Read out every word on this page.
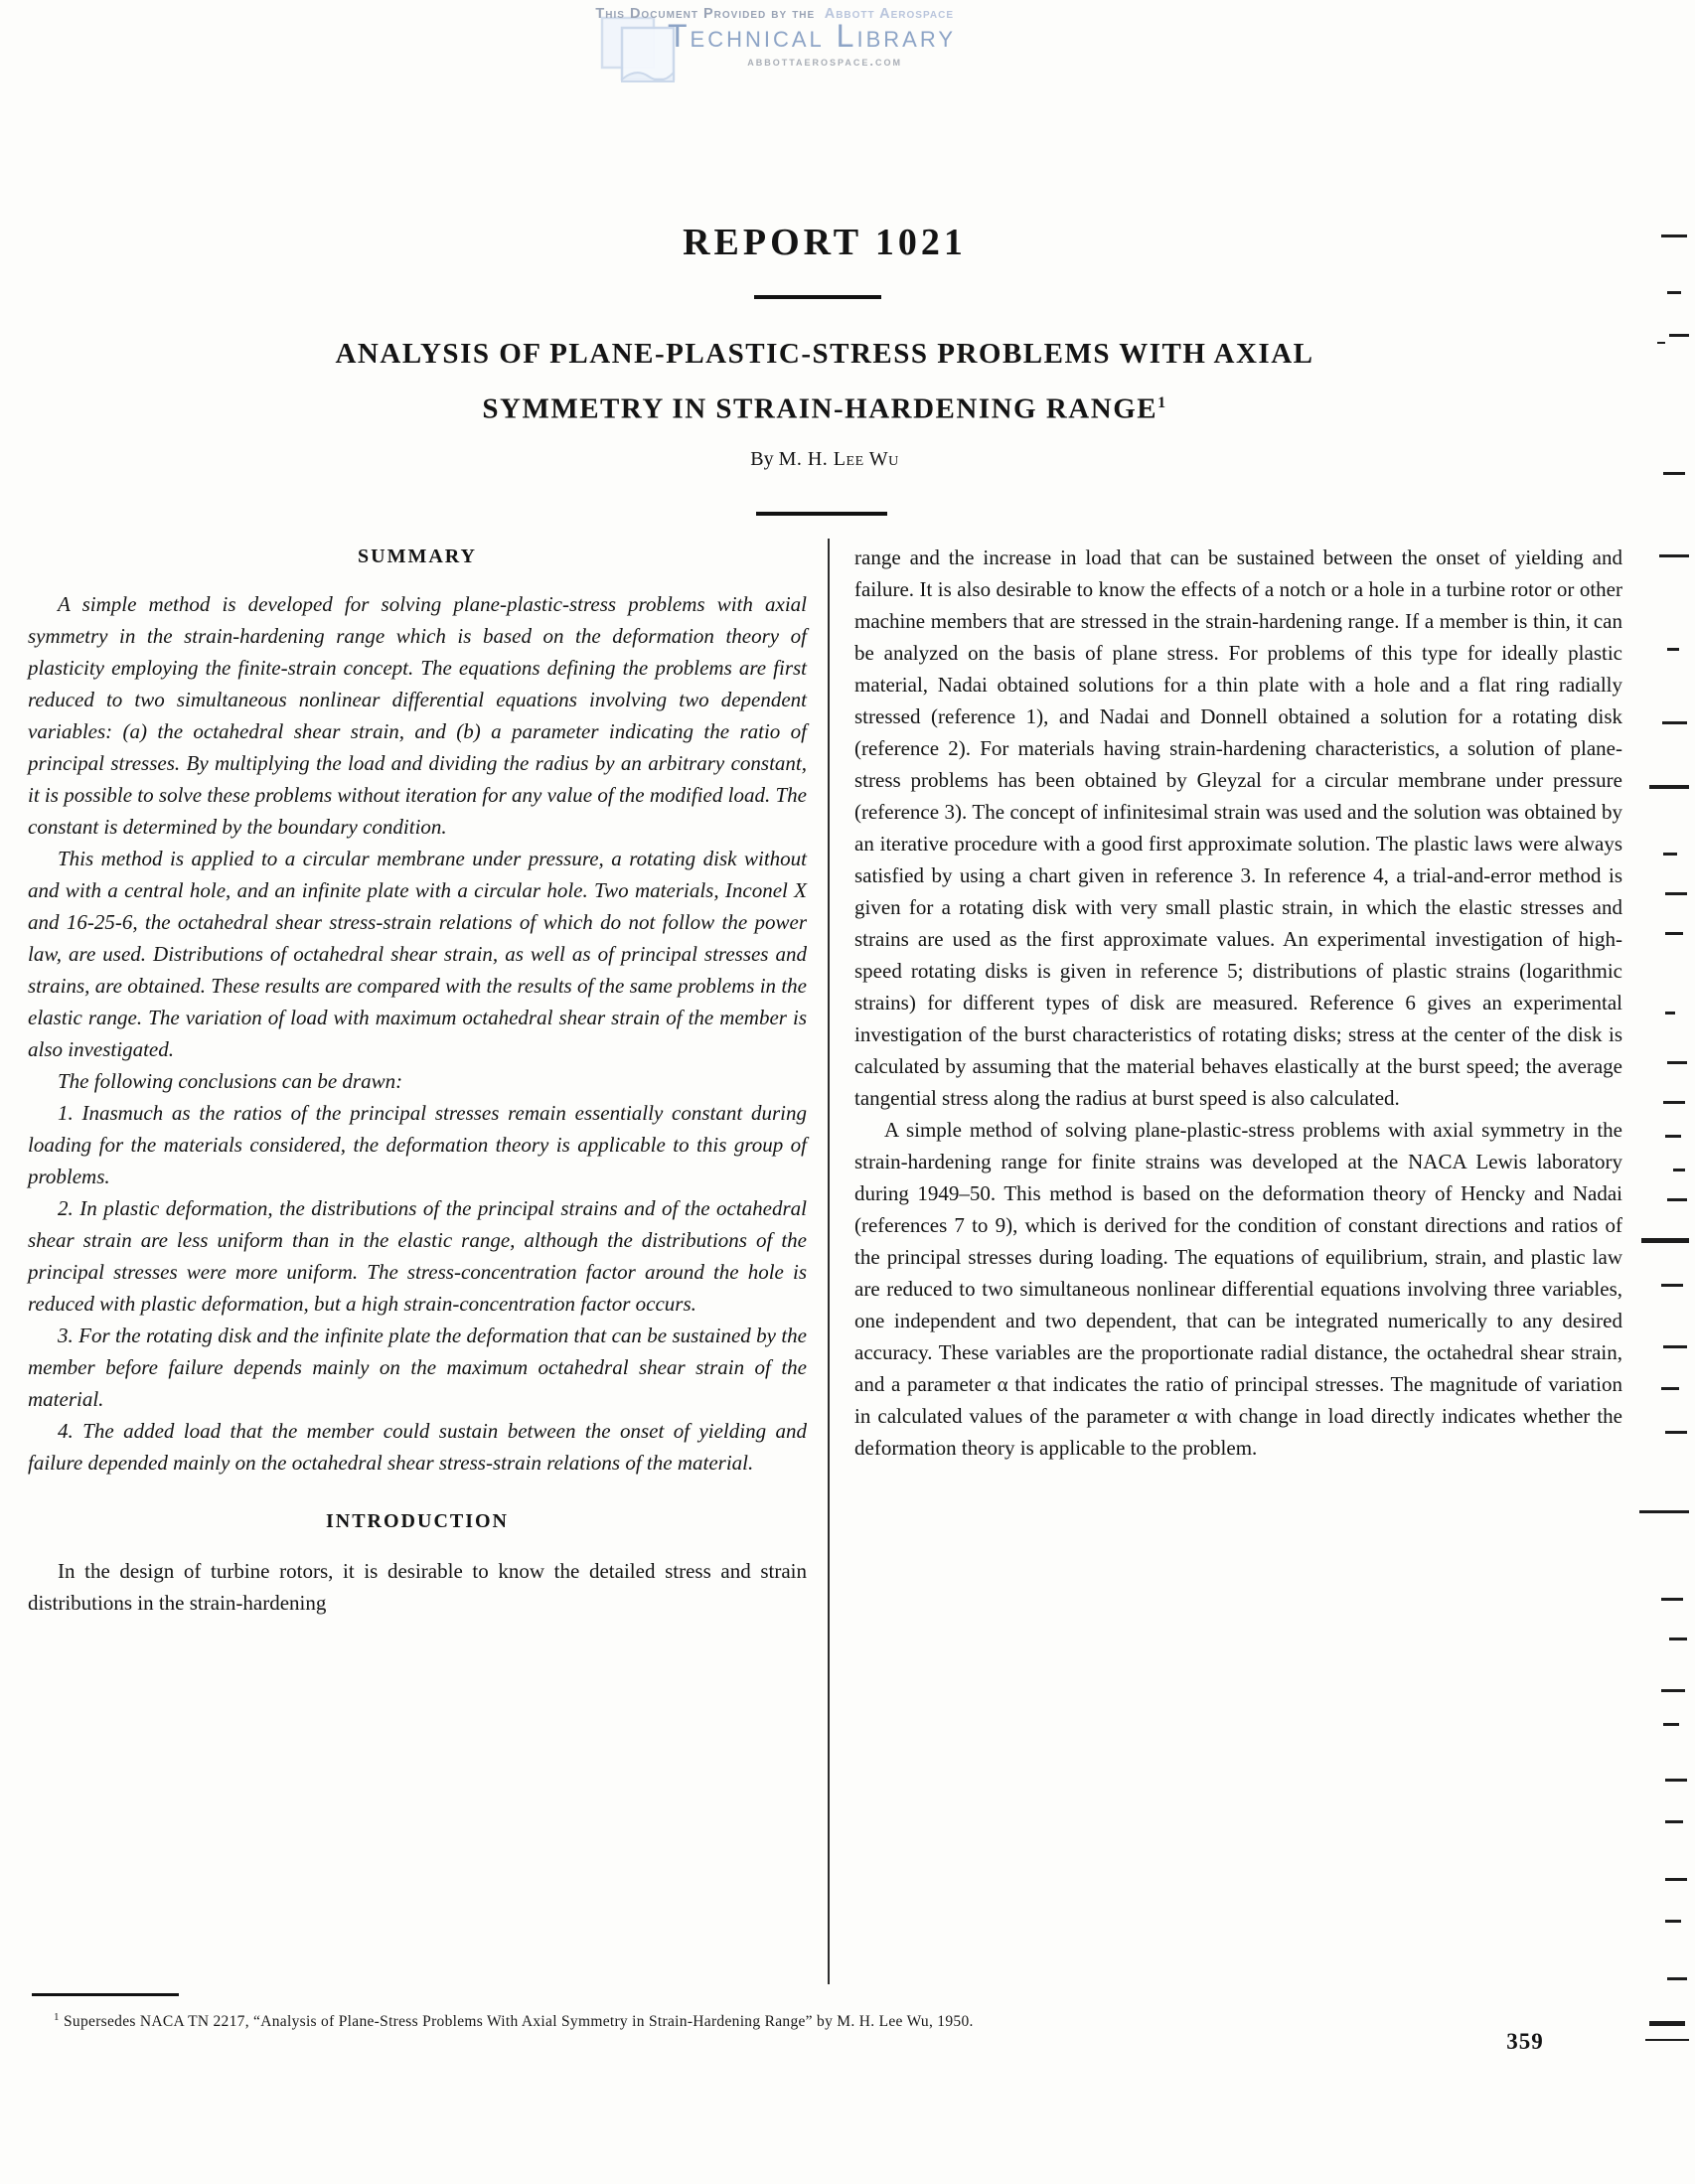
This Document Provided by the Abbott Aerospace
Technical Library
abbottaerospace.com
REPORT 1021
ANALYSIS OF PLANE-PLASTIC-STRESS PROBLEMS WITH AXIAL
SYMMETRY IN STRAIN-HARDENING RANGE$^1$
By M. H. Lee Wu
SUMMARY

A simple method is developed for solving plane-plastic-stress problems with axial symmetry in the strain-hardening range which is based on the deformation theory of plasticity employing the finite-strain concept. The equations defining the problems are first reduced to two simultaneous nonlinear differential equations involving two dependent variables: (a) the octahedral shear strain, and (b) a parameter indicating the ratio of principal stresses. By multiplying the load and dividing the radius by an arbitrary constant, it is possible to solve these problems without iteration for any value of the modified load. The constant is determined by the boundary condition.

This method is applied to a circular membrane under pressure, a rotating disk without and with a central hole, and an infinite plate with a circular hole. Two materials, Inconel X and 16-25-6, the octahedral shear stress-strain relations of which do not follow the power law, are used. Distributions of octahedral shear strain, as well as of principal stresses and strains, are obtained. These results are compared with the results of the same problems in the elastic range. The variation of load with maximum octahedral shear strain of the member is also investigated.

The following conclusions can be drawn:

1. Inasmuch as the ratios of the principal stresses remain essentially constant during loading for the materials considered, the deformation theory is applicable to this group of problems.

2. In plastic deformation, the distributions of the principal strains and of the octahedral shear strain are less uniform than in the elastic range, although the distributions of the principal stresses were more uniform. The stress-concentration factor around the hole is reduced with plastic deformation, but a high strain-concentration factor occurs.

3. For the rotating disk and the infinite plate the deformation that can be sustained by the member before failure depends mainly on the maximum octahedral shear strain of the material.

4. The added load that the member could sustain between the onset of yielding and failure depended mainly on the octahedral shear stress-strain relations of the material.

INTRODUCTION

In the design of turbine rotors, it is desirable to know the detailed stress and strain distributions in the strain-hardening

range and the increase in load that can be sustained between the onset of yielding and failure. It is also desirable to know the effects of a notch or a hole in a turbine rotor or other machine members that are stressed in the strain-hardening range. If a member is thin, it can be analyzed on the basis of plane stress. For problems of this type for ideally plastic material, Nadai obtained solutions for a thin plate with a hole and a flat ring radially stressed (reference 1), and Nadai and Donnell obtained a solution for a rotating disk (reference 2). For materials having strain-hardening characteristics, a solution of plane-stress problems has been obtained by Gleyzal for a circular membrane under pressure (reference 3). The concept of infinitesimal strain was used and the solution was obtained by an iterative procedure with a good first approximate solution. The plastic laws were always satisfied by using a chart given in reference 3. In reference 4, a trial-and-error method is given for a rotating disk with very small plastic strain, in which the elastic stresses and strains are used as the first approximate values. An experimental investigation of high-speed rotating disks is given in reference 5; distributions of plastic strains (logarithmic strains) for different types of disk are measured. Reference 6 gives an experimental investigation of the burst characteristics of rotating disks; stress at the center of the disk is calculated by assuming that the material behaves elastically at the burst speed; the average tangential stress along the radius at burst speed is also calculated.

A simple method of solving plane-plastic-stress problems with axial symmetry in the strain-hardening range for finite strains was developed at the NACA Lewis laboratory during 1949–50. This method is based on the deformation theory of Hencky and Nadai (references 7 to 9), which is derived for the condition of constant directions and ratios of the principal stresses during loading. The equations of equilibrium, strain, and plastic law are reduced to two simultaneous nonlinear differential equations involving three variables, one independent and two dependent, that can be integrated numerically to any desired accuracy. These variables are the proportionate radial distance, the octahedral shear strain, and a parameter α that indicates the ratio of principal stresses. The magnitude of variation in calculated values of the parameter α with change in load directly indicates whether the deformation theory is applicable to the problem.

$^1$ Supersedes NACA TN 2217, “Analysis of Plane-Stress Problems With Axial Symmetry in Strain-Hardening Range” by M. H. Lee Wu, 1950.
359
